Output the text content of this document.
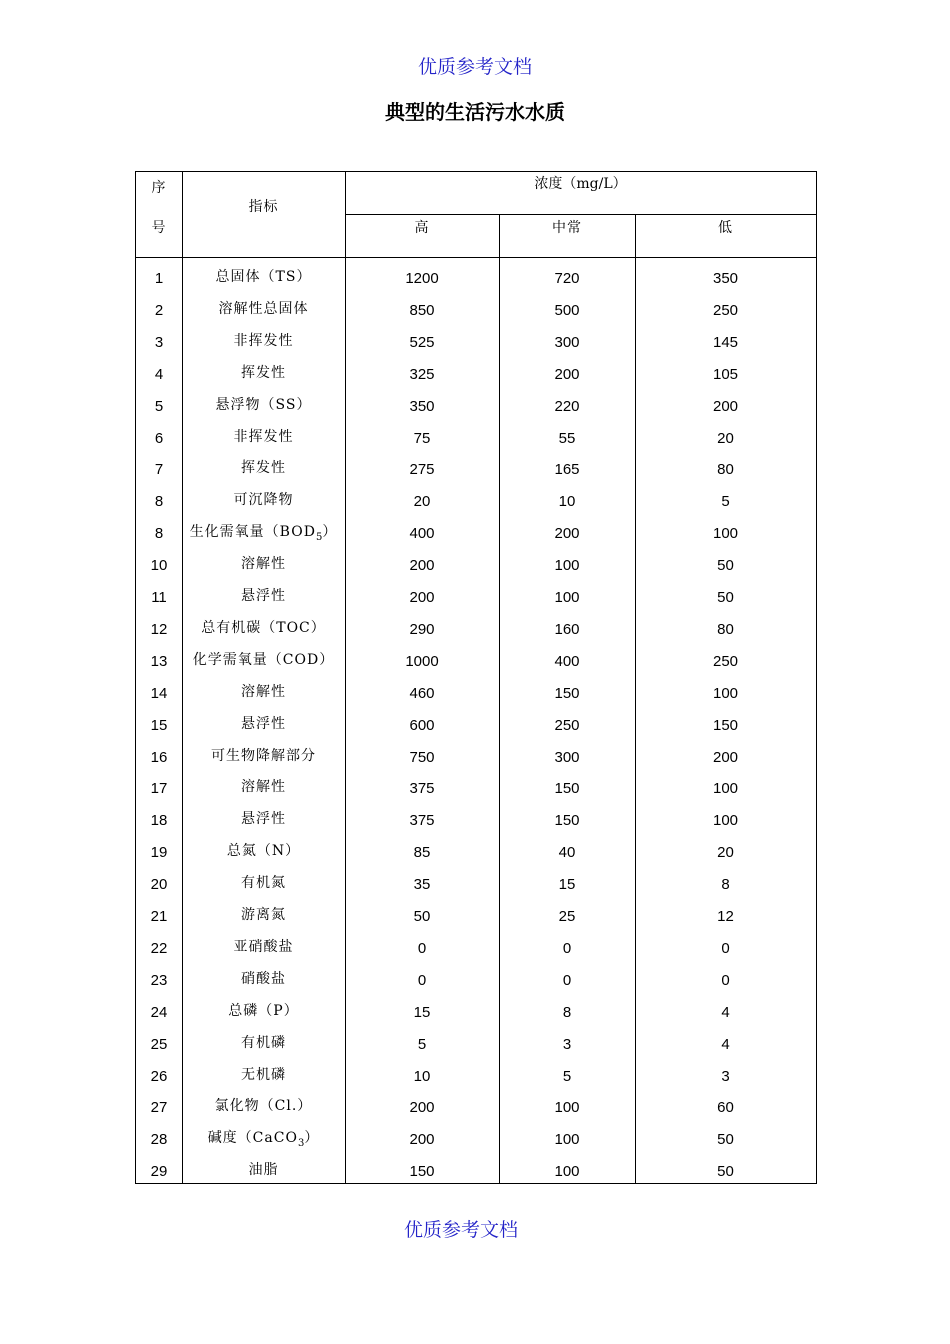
优质参考文档
典型的生活污水水质
序
号
指标
浓度（mg/L）
高	中常	低
1	总固体（TS）	1200	720	350
2	溶解性总固体	850	500	250
3	非挥发性	525	300	145
4	挥发性	325	200	105
5	悬浮物（SS）	350	220	200
6	非挥发性	75	55	20
7	挥发性	275	165	80
8	可沉降物	20	10	5
8	生化需氧量$(BOD_5)$	400	200	100
10	溶解性	200	100	50
11	悬浮性	200	100	50
12	总有机碳（TOC）	290	160	80
13	化学需氧量（COD）	1000	400	250
14	溶解性	460	150	100
15	悬浮性	600	250	150
16	可生物降解部分	750	300	200
17	溶解性	375	150	100
18	悬浮性	375	150	100
19	总氮（N）	85	40	20
20	有机氮	35	15	8
21	游离氮	50	25	12
22	亚硝酸盐	0	0	0
23	硝酸盐	0	0	0
24	总磷（P）	15	8	4
25	有机磷	5	3	4
26	无机磷	10	5	3
27	氯化物（Cl.）	200	100	60
28	碱度（CaCO$_3$）	200	100	50
29	油脂	150	100	50
优质参考文档
